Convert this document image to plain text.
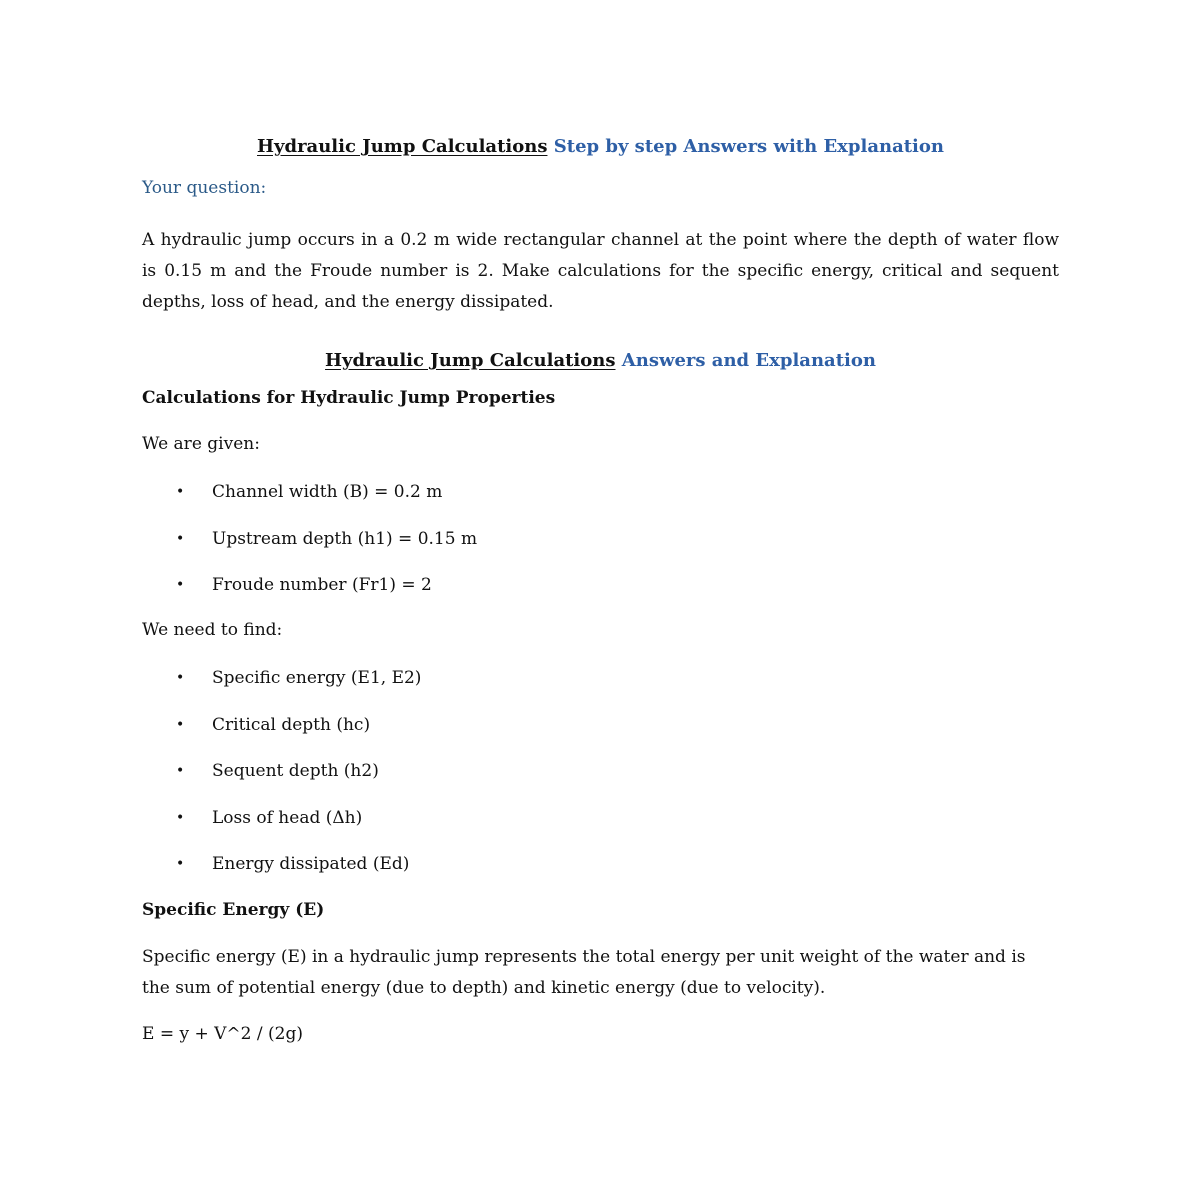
Hydraulic Jump Calculations Step by step Answers with Explanation
Your question:
A hydraulic jump occurs in a 0.2 m wide rectangular channel at the point where the depth of water flow is 0.15 m and the Froude number is 2. Make calculations for the specific energy, critical and sequent depths, loss of head, and the energy dissipated.
Hydraulic Jump Calculations Answers and Explanation
Calculations for Hydraulic Jump Properties
We are given:
• Channel width (B) = 0.2 m
• Upstream depth (h1) = 0.15 m
• Froude number (Fr1) = 2
We need to find:
• Specific energy (E1, E2)
• Critical depth (hc)
• Sequent depth (h2)
• Loss of head (Δh)
• Energy dissipated (Ed)
Specific Energy (E)
Specific energy (E) in a hydraulic jump represents the total energy per unit weight of the water and is the sum of potential energy (due to depth) and kinetic energy (due to velocity).
E = y + V^2 / (2g)
